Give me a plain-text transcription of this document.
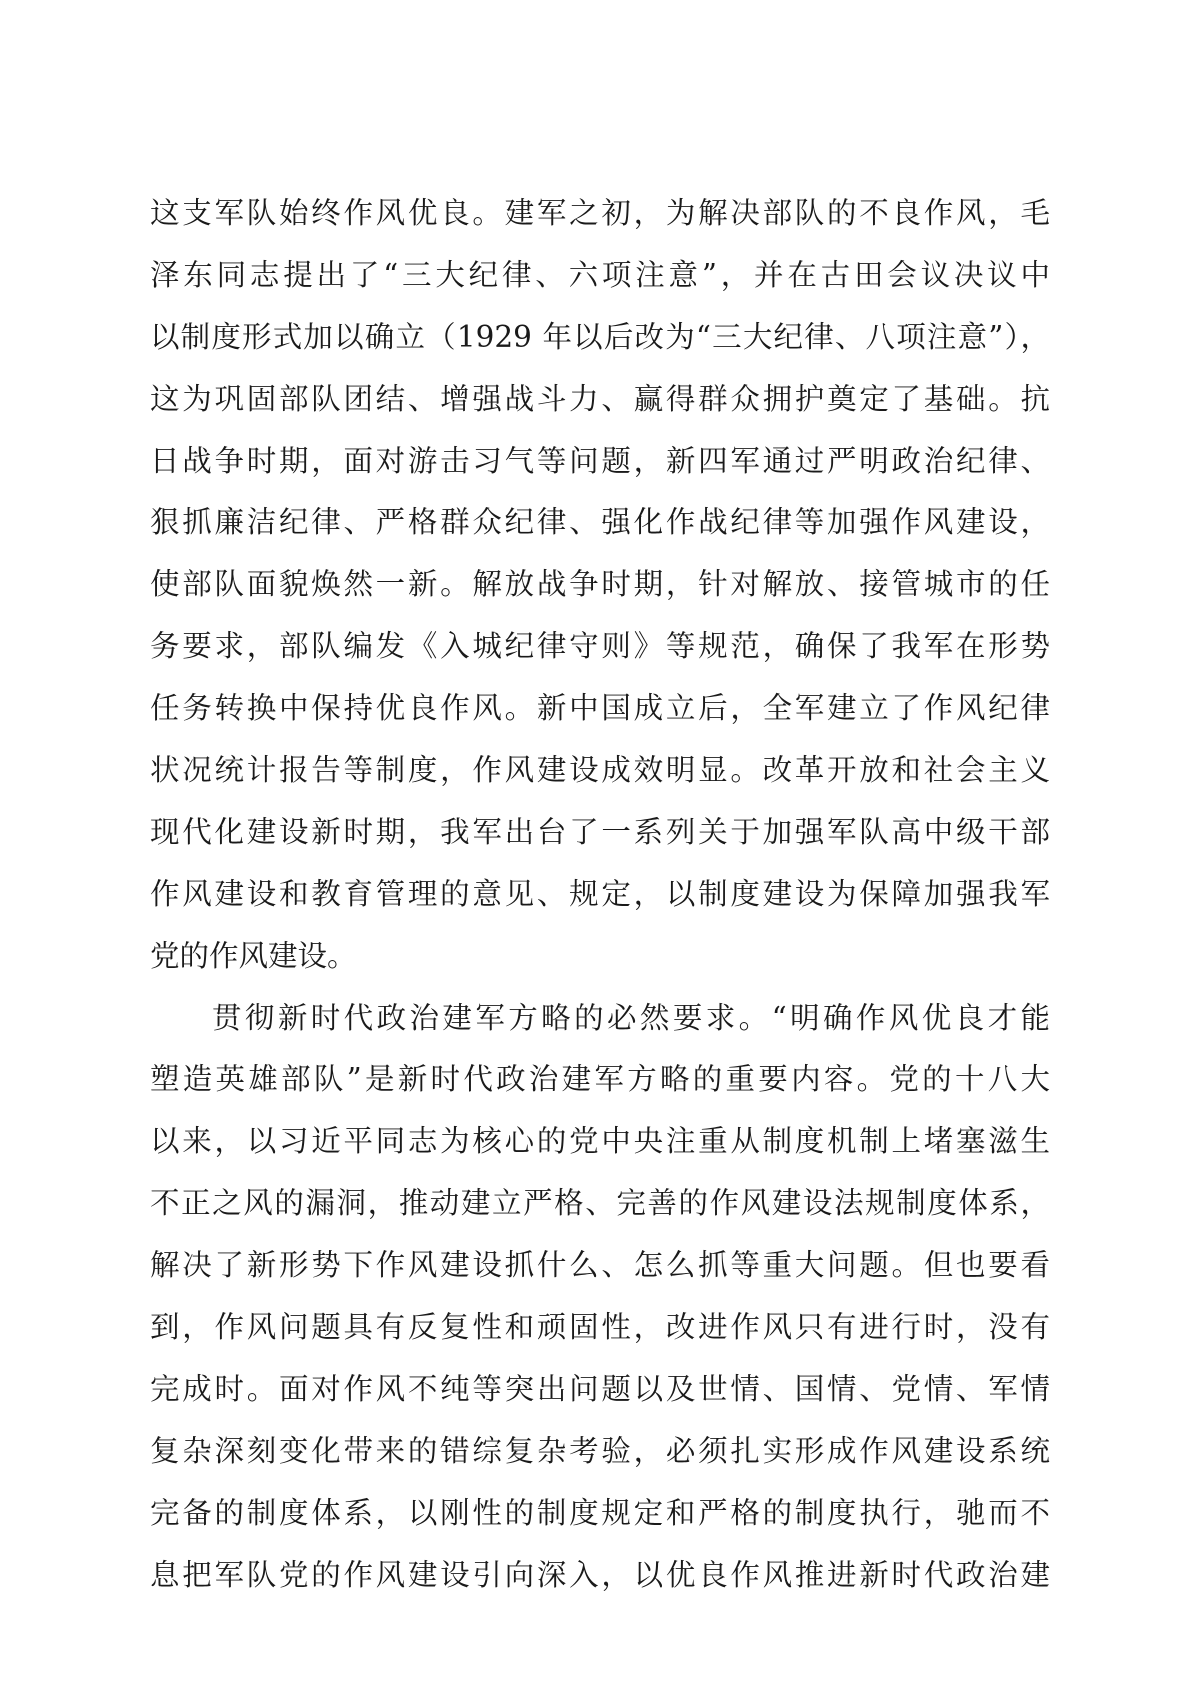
这支军队始终作风优良。建军之初，为解决部队的不良作风，毛
泽东同志提出了“三大纪律、六项注意”，并在古田会议决议中
以制度形式加以确立（1929 年以后改为“三大纪律、八项注意”），
这为巩固部队团结、增强战斗力、赢得群众拥护奠定了基础。抗
日战争时期，面对游击习气等问题，新四军通过严明政治纪律、
狠抓廉洁纪律、严格群众纪律、强化作战纪律等加强作风建设，
使部队面貌焕然一新。解放战争时期，针对解放、接管城市的任
务要求，部队编发《入城纪律守则》等规范，确保了我军在形势
任务转换中保持优良作风。新中国成立后，全军建立了作风纪律
状况统计报告等制度，作风建设成效明显。改革开放和社会主义
现代化建设新时期，我军出台了一系列关于加强军队高中级干部
作风建设和教育管理的意见、规定，以制度建设为保障加强我军
党的作风建设。
贯彻新时代政治建军方略的必然要求。“明确作风优良才能
塑造英雄部队”是新时代政治建军方略的重要内容。党的十八大
以来，以习近平同志为核心的党中央注重从制度机制上堵塞滋生
不正之风的漏洞，推动建立严格、完善的作风建设法规制度体系，
解决了新形势下作风建设抓什么、怎么抓等重大问题。但也要看
到，作风问题具有反复性和顽固性，改进作风只有进行时，没有
完成时。面对作风不纯等突出问题以及世情、国情、党情、军情
复杂深刻变化带来的错综复杂考验，必须扎实形成作风建设系统
完备的制度体系，以刚性的制度规定和严格的制度执行，驰而不
息把军队党的作风建设引向深入，以优良作风推进新时代政治建
